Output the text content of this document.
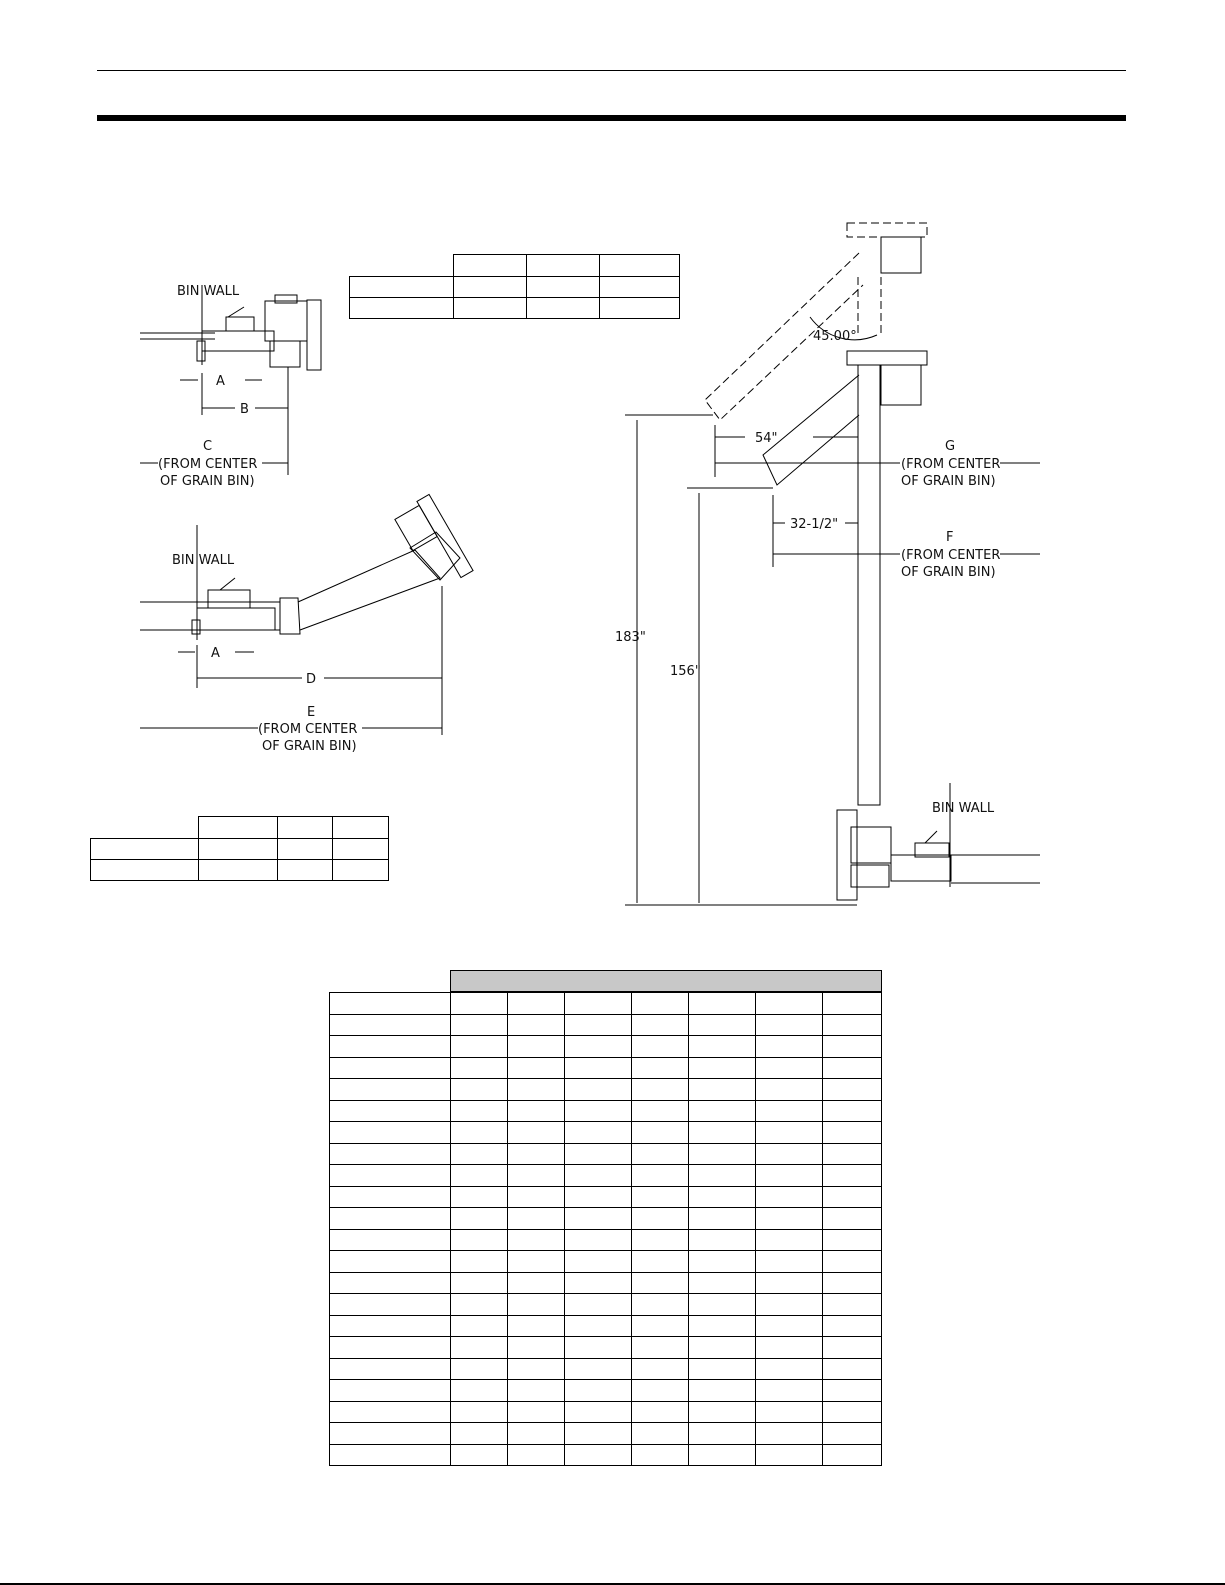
BIN WALL
A
B
C
(FROM CENTER
OF GRAIN BIN)

BIN WALL
A
D
E
(FROM CENTER
OF GRAIN BIN)

45.00°
54"
G
(FROM CENTER
OF GRAIN BIN)
32-1/2"
F
(FROM CENTER
OF GRAIN BIN)
183"
156"
BIN WALL
